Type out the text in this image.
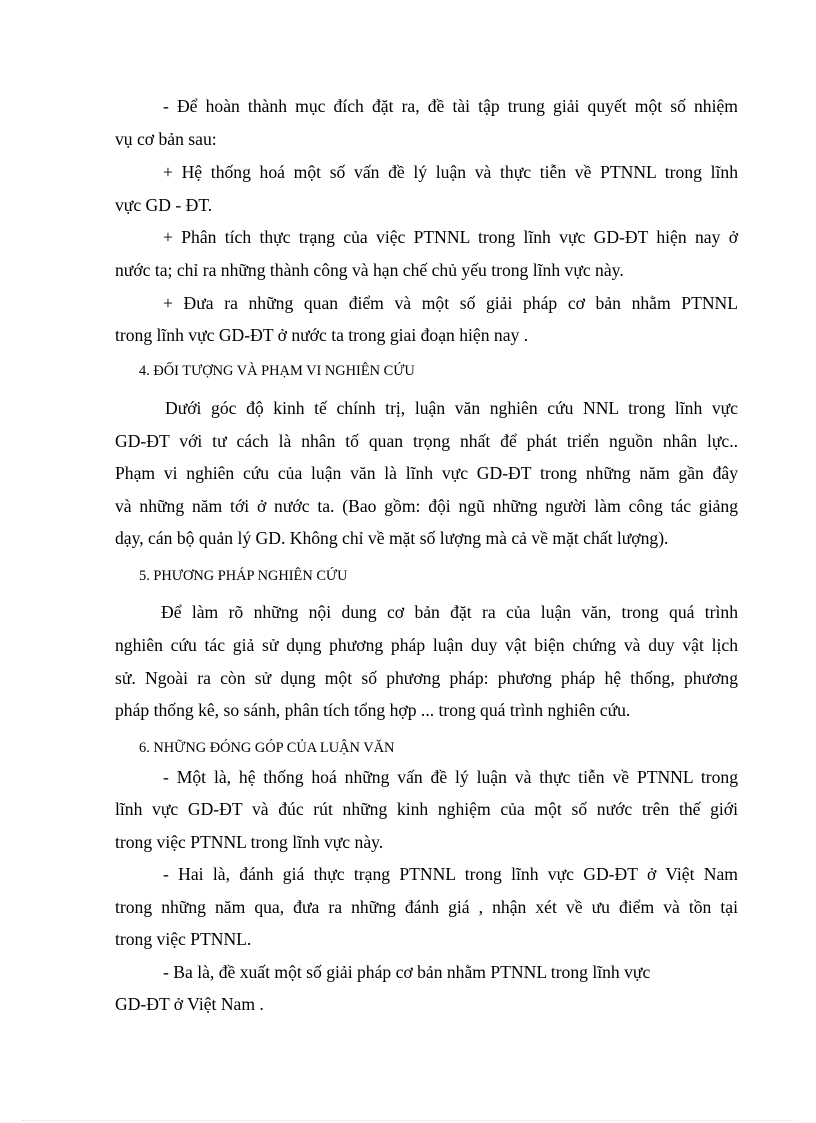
- Để hoàn thành mục đích đặt ra, đề tài tập trung giải quyết một số nhiệm
vụ cơ bản sau:
+ Hệ thống hoá một số vấn đề lý luận và thực tiễn về PTNNL trong lĩnh
vực GD - ĐT.
+ Phân tích thực trạng của việc PTNNL trong lĩnh vực GD-ĐT hiện nay ở
nước ta; chỉ ra những thành công và hạn chế chủ yếu trong lĩnh vực này.
+ Đưa ra những quan điểm và một số giải pháp cơ bản nhằm PTNNL
trong lĩnh vực GD-ĐT ở nước ta trong giai đoạn hiện nay .
4. ĐỐI TƯỢNG VÀ PHẠM VI NGHIÊN CỨU
Dưới góc độ kinh tế chính trị, luận văn nghiên cứu NNL trong lĩnh vực
GD-ĐT với tư cách là nhân tố quan trọng nhất để phát triển nguồn nhân lực..
Phạm vi nghiên cứu của luận văn là lĩnh vực GD-ĐT trong những năm gần đây
và những năm tới ở nước ta. (Bao gồm: đội ngũ những người làm công tác giảng
dạy, cán bộ quản lý GD. Không chỉ về mặt số lượng mà cả về mặt chất lượng).
5. PHƯƠNG PHÁP NGHIÊN CỨU
Để làm rõ những nội dung cơ bản đặt ra của luận văn, trong quá trình
nghiên cứu tác giả sử dụng phương pháp luận duy vật biện chứng và duy vật lịch
sử. Ngoài ra còn sử dụng một số phương pháp: phương pháp hệ thống, phương
pháp thống kê, so sánh, phân tích tổng hợp ... trong quá trình nghiên cứu.
6. NHỮNG ĐÓNG GÓP CỦA LUẬN VĂN
- Một là, hệ thống hoá những vấn đề lý luận và thực tiễn về PTNNL trong
lĩnh vực GD-ĐT và đúc rút những kinh nghiệm của một số nước trên thế giới
trong việc PTNNL trong lĩnh vực này.
- Hai là, đánh giá thực trạng PTNNL trong lĩnh vực GD-ĐT ở Việt Nam
trong những năm qua, đưa ra những đánh giá , nhận xét về ưu điểm và tồn tại
trong việc PTNNL.
- Ba là, đề xuất một số giải pháp cơ bản nhằm PTNNL trong lĩnh vực
GD-ĐT ở Việt Nam .
